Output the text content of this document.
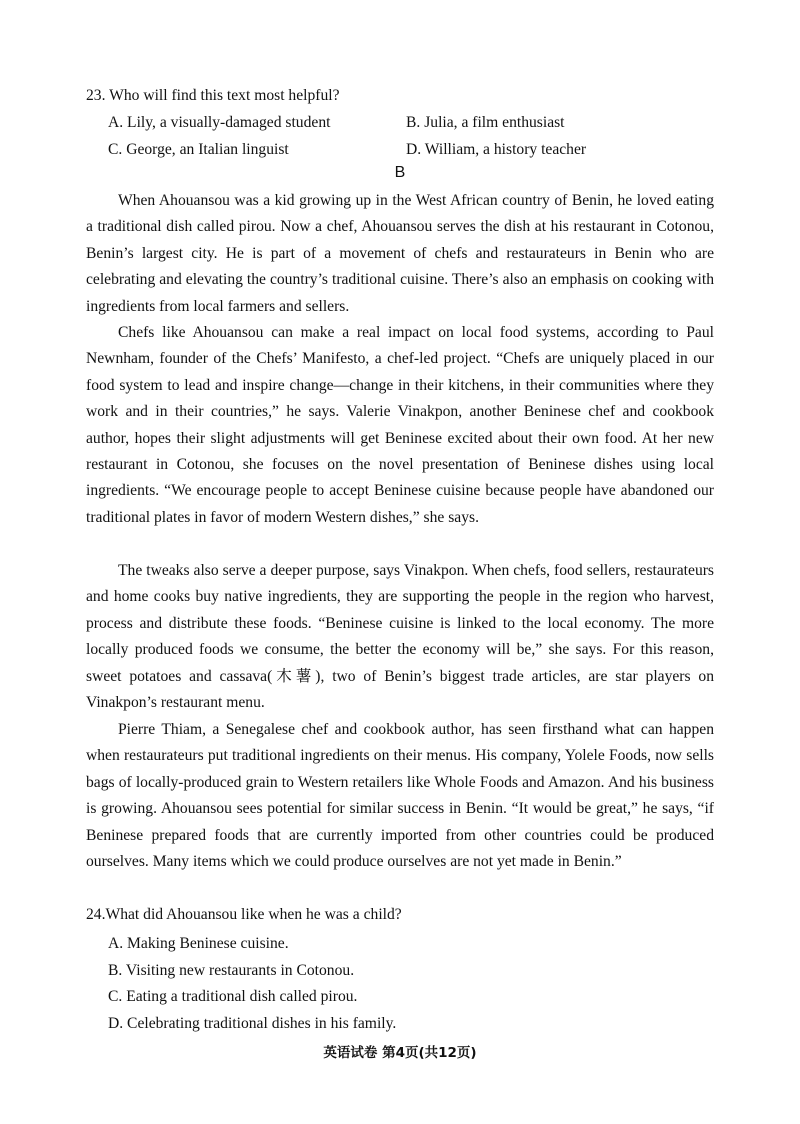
23. Who will find this text most helpful?
A. Lily, a visually-damaged student	B. Julia, a film enthusiast
C. George, an Italian linguist	D. William, a history teacher
B

When Ahouansou was a kid growing up in the West African country of Benin, he loved eating a traditional dish called pirou. Now a chef, Ahouansou serves the dish at his restaurant in Cotonou, Benin’s largest city. He is part of a movement of chefs and restaurateurs in Benin who are celebrating and elevating the country’s traditional cuisine. There’s also an emphasis on cooking with ingredients from local farmers and sellers.

Chefs like Ahouansou can make a real impact on local food systems, according to Paul Newnham, founder of the Chefs’ Manifesto, a chef-led project. “Chefs are uniquely placed in our food system to lead and inspire change—change in their kitchens, in their communities where they work and in their countries,” he says. Valerie Vinakpon, another Beninese chef and cookbook author, hopes their slight adjustments will get Beninese excited about their own food. At her new restaurant in Cotonou, she focuses on the novel presentation of Beninese dishes using local ingredients. “We encourage people to accept Beninese cuisine because people have abandoned our traditional plates in favor of modern Western dishes,” she says.

The tweaks also serve a deeper purpose, says Vinakpon. When chefs, food sellers, restaurateurs and home cooks buy native ingredients, they are supporting the people in the region who harvest, process and distribute these foods. “Beninese cuisine is linked to the local economy. The more locally produced foods we consume, the better the economy will be,” she says. For this reason, sweet potatoes and cassava(木薯), two of Benin’s biggest trade articles, are star players on Vinakpon’s restaurant menu.

Pierre Thiam, a Senegalese chef and cookbook author, has seen firsthand what can happen when restaurateurs put traditional ingredients on their menus. His company, Yolele Foods, now sells bags of locally-produced grain to Western retailers like Whole Foods and Amazon. And his business is growing. Ahouansou sees potential for similar success in Benin. “It would be great,” he says, “if Beninese prepared foods that are currently imported from other countries could be produced ourselves. Many items which we could produce ourselves are not yet made in Benin.”

24.What did Ahouansou like when he was a child?
A. Making Beninese cuisine.
B. Visiting new restaurants in Cotonou.
C. Eating a traditional dish called pirou.
D. Celebrating traditional dishes in his family.
英语试卷 第4页(共12页)
